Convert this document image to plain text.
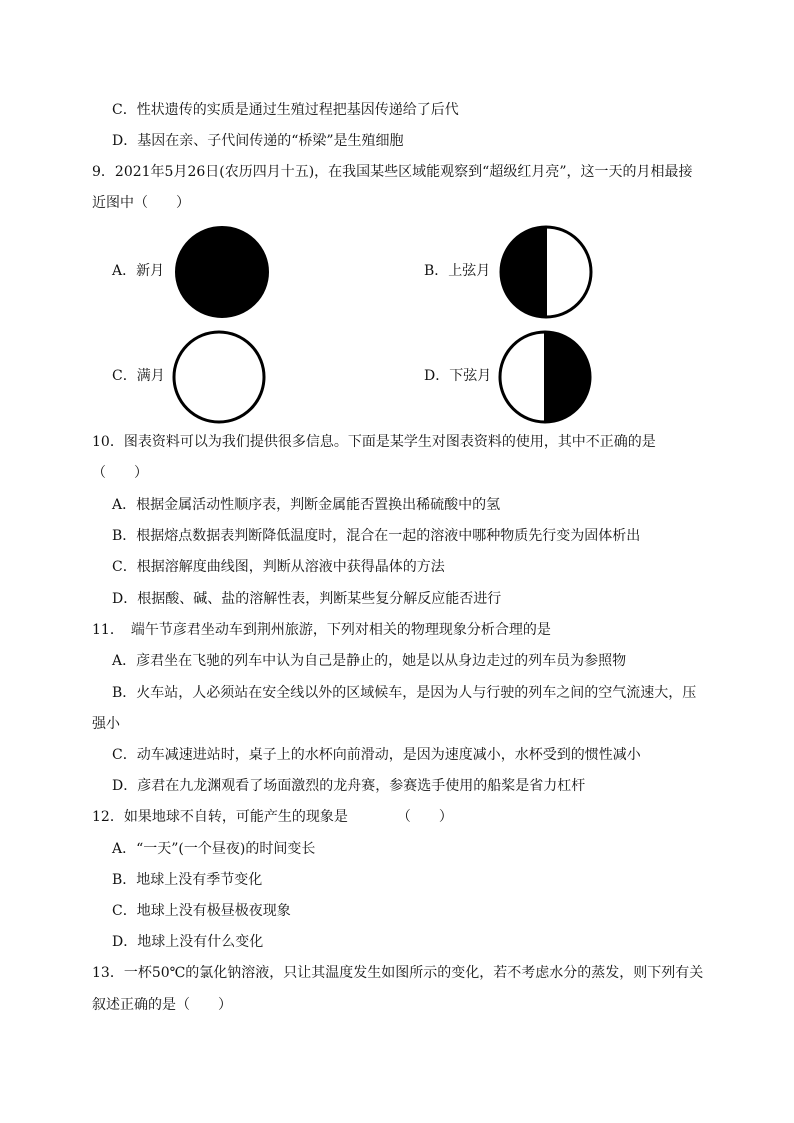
C．性状遗传的实质是通过生殖过程把基因传递给了后代
D．基因在亲、子代间传递的“桥梁”是生殖细胞
9．2021年5月26日(农历四月十五)，在我国某些区域能观察到“超级红月亮”，这一天的月相最接
近图中（　　）
A．新月	B．上弦月
C．满月	D．下弦月
10．图表资料可以为我们提供很多信息。下面是某学生对图表资料的使用，其中不正确的是
（　　）
A．根据金属活动性顺序表，判断金属能否置换出稀硫酸中的氢
B．根据熔点数据表判断降低温度时，混合在一起的溶液中哪种物质先行变为固体析出
C．根据溶解度曲线图，判断从溶液中获得晶体的方法
D．根据酸、碱、盐的溶解性表，判断某些复分解反应能否进行
11．　端午节彦君坐动车到荆州旅游，下列对相关的物理现象分析合理的是
A．彦君坐在飞驰的列车中认为自己是静止的，她是以从身边走过的列车员为参照物
B．火车站，人必须站在安全线以外的区域候车，是因为人与行驶的列车之间的空气流速大，压
强小
C．动车减速进站时，桌子上的水杯向前滑动，是因为速度减小，水杯受到的惯性减小
D．彦君在九龙渊观看了场面激烈的龙舟赛，参赛选手使用的船桨是省力杠杆
12．如果地球不自转，可能产生的现象是　　　　（　　）
A．“一天”(一个昼夜)的时间变长
B．地球上没有季节变化
C．地球上没有极昼极夜现象
D．地球上没有什么变化
13．一杯50℃的氯化钠溶液，只让其温度发生如图所示的变化，若不考虑水分的蒸发，则下列有关
叙述正确的是（　　）
